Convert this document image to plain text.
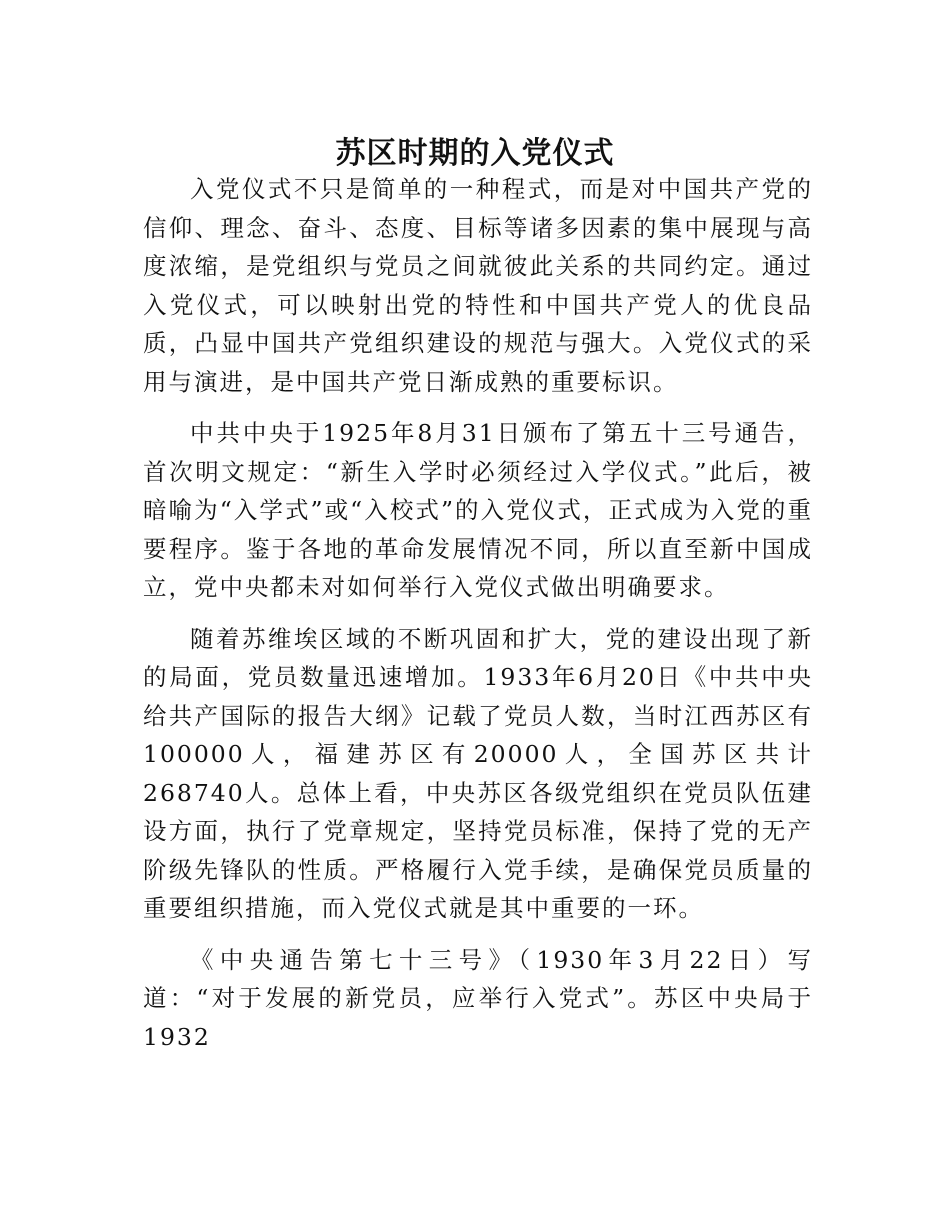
苏区时期的入党仪式

入党仪式不只是简单的一种程式，而是对中国共产党的信仰、理念、奋斗、态度、目标等诸多因素的集中展现与高度浓缩，是党组织与党员之间就彼此关系的共同约定。通过入党仪式，可以映射出党的特性和中国共产党人的优良品质，凸显中国共产党组织建设的规范与强大。入党仪式的采用与演进，是中国共产党日渐成熟的重要标识。

中共中央于1925年8月31日颁布了第五十三号通告，首次明文规定：“新生入学时必须经过入学仪式。”此后，被暗喻为“入学式”或“入校式”的入党仪式，正式成为入党的重要程序。鉴于各地的革命发展情况不同，所以直至新中国成立，党中央都未对如何举行入党仪式做出明确要求。

随着苏维埃区域的不断巩固和扩大，党的建设出现了新的局面，党员数量迅速增加。1933年6月20日《中共中央给共产国际的报告大纲》记载了党员人数，当时江西苏区有100000人，福建苏区有20000人，全国苏区共计268740人。总体上看，中央苏区各级党组织在党员队伍建设方面，执行了党章规定，坚持党员标准，保持了党的无产阶级先锋队的性质。严格履行入党手续，是确保党员质量的重要组织措施，而入党仪式就是其中重要的一环。

《中央通告第七十三号》（1930年3月22日）写道：“对于发展的新党员，应举行入党式”。苏区中央局于1932
